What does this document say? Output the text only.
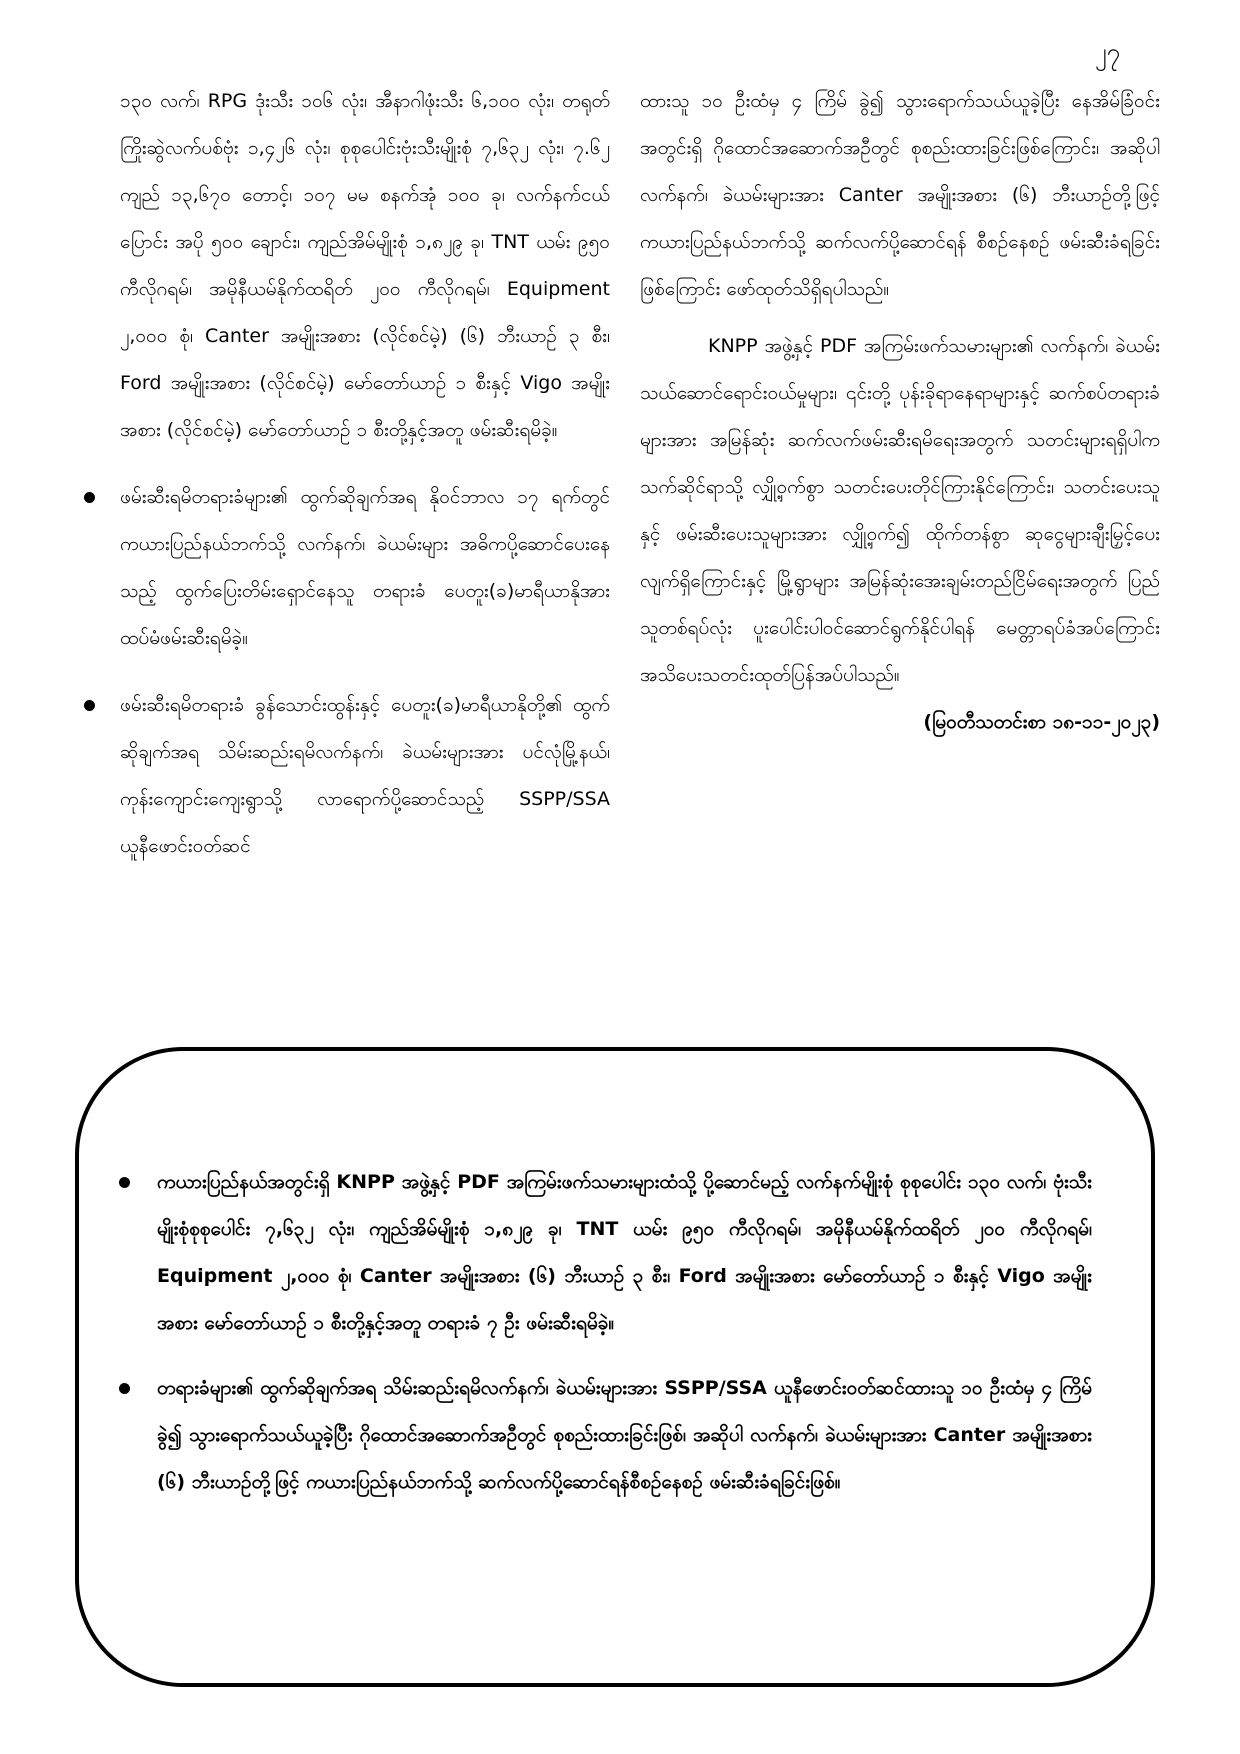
၂၇

၁၃၀ လက်၊ RPG ဒုံးသီး ၁၀၆ လုံး၊ အီနာဂါဖုံးသီး ၆,၁၀၀ လုံး၊ တရုတ်ကြိုးဆွဲလက်ပစ်ဗုံး ၁,၄၂၆ လုံး၊ စုစုပေါင်းဗုံးသီးမျိုးစုံ ၇,၆၃၂ လုံး၊ ၇.၆၂ ကျည် ၁၃,၆၇၀ တောင့်၊ ၁၀၇ မမ စနက်အုံ ၁၀၀ ခု၊ လက်နက်ငယ်ပြောင်း အပို ၅၀၀ ချောင်း၊ ကျည်အိမ်မျိုးစုံ ၁,၈၂၉ ခု၊ TNT ယမ်း ၉၅၀ ကီလိုဂရမ်၊ အမိုနီယမ်နိုက်ထရိတ် ၂၀၀ ကီလိုဂရမ်၊ Equipment ၂,၀၀၀ စုံ၊ Canter အမျိုးအစား (လိုင်စင်မဲ့) (၆) ဘီးယာဉ် ၃ စီး၊ Ford အမျိုးအစား (လိုင်စင်မဲ့) မော်တော်ယာဉ် ၁ စီးနှင့် Vigo အမျိုးအစား (လိုင်စင်မဲ့) မော်တော်ယာဉ် ၁ စီးတို့နှင့်အတူ ဖမ်းဆီးရမိခဲ့။

ဖမ်းဆီးရမိတရားခံများ၏ ထွက်ဆိုချက်အရ နိုဝင်ဘာလ ၁၇ ရက်တွင် ကယားပြည်နယ်ဘက်သို့ လက်နက်၊ ခဲယမ်းများ အဓိကပို့ဆောင်ပေးနေသည့် ထွက်ပြေးတိမ်းရှောင်နေသူ တရားခံ ပေတူး(ခ)မာရီယာနိုအား ထပ်မံဖမ်းဆီးရမိခဲ့။
ဖမ်းဆီးရမိတရားခံ ခွန်သောင်းထွန်းနှင့် ပေတူး(ခ)မာရီယာနိုတို့၏ ထွက်ဆိုချက်အရ သိမ်းဆည်းရမိလက်နက်၊ ခဲယမ်းများအား ပင်လုံမြို့နယ်၊ ကုန်းကျောင်းကျေးရွာသို့ လာရောက်ပို့ဆောင်သည့် SSPP/SSA ယူနီဖောင်းဝတ်ဆင်

ထားသူ ၁၀ ဦးထံမှ ၄ ကြိမ် ခွဲ၍ သွားရောက်သယ်ယူခဲ့ပြီး နေအိမ်ခြံဝင်းအတွင်းရှိ ဂိုထောင်အဆောက်အဦတွင် စုစည်းထားခြင်းဖြစ်ကြောင်း၊ အဆိုပါ လက်နက်၊ ခဲယမ်းများအား Canter အမျိုးအစား (၆) ဘီးယာဉ်တို့ဖြင့် ကယားပြည်နယ်ဘက်သို့ ဆက်လက်ပို့ဆောင်ရန် စီစဉ်နေစဉ် ဖမ်းဆီးခံရခြင်းဖြစ်ကြောင်း ဖော်ထုတ်သိရှိရပါသည်။

KNPP အဖွဲ့နှင့် PDF အကြမ်းဖက်သမားများ၏ လက်နက်၊ ခဲယမ်း သယ်ဆောင်ရောင်းဝယ်မှုများ၊ ၎င်းတို့ ပုန်းခိုရာနေရာများနှင့် ဆက်စပ်တရားခံများအား အမြန်ဆုံး ဆက်လက်ဖမ်းဆီးရမိရေးအတွက် သတင်းများရရှိပါက သက်ဆိုင်ရာသို့ လျှို့ဝှက်စွာ သတင်းပေးတိုင်ကြားနိုင်ကြောင်း၊ သတင်းပေးသူနှင့် ဖမ်းဆီးပေးသူများအား လျှို့ဝှက်၍ ထိုက်တန်စွာ ဆုငွေများချီးမြှင့်ပေးလျက်ရှိကြောင်းနှင့် မြို့ရွာများ အမြန်ဆုံးအေးချမ်းတည်ငြိမ်ရေးအတွက် ပြည်သူတစ်ရပ်လုံး ပူးပေါင်းပါဝင်ဆောင်ရွက်နိုင်ပါရန် မေတ္တာရပ်ခံအပ်ကြောင်း အသိပေးသတင်းထုတ်ပြန်အပ်ပါသည်။

(မြဝတီသတင်းစာ ၁၈-၁၁-၂၀၂၃)

ကယားပြည်နယ်အတွင်းရှိ KNPP အဖွဲ့နှင့် PDF အကြမ်းဖက်သမားများထံသို့ ပို့ဆောင်မည့် လက်နက်မျိုးစုံ စုစုပေါင်း ၁၃၀ လက်၊ ဗုံးသီးမျိုးစုံစုစုပေါင်း ၇,၆၃၂ လုံး၊ ကျည်အိမ်မျိုးစုံ ၁,၈၂၉ ခု၊ TNT ယမ်း ၉၅၀ ကီလိုဂရမ်၊ အမိုနီယမ်နိုက်ထရိတ် ၂၀၀ ကီလိုဂရမ်၊ Equipment ၂,၀၀၀ စုံ၊ Canter အမျိုးအစား (၆) ဘီးယာဉ် ၃ စီး၊ Ford အမျိုးအစား မော်တော်ယာဉ် ၁ စီးနှင့် Vigo အမျိုးအစား မော်တော်ယာဉ် ၁ စီးတို့နှင့်အတူ တရားခံ ၇ ဦး ဖမ်းဆီးရမိခဲ့။
တရားခံများ၏ ထွက်ဆိုချက်အရ သိမ်းဆည်းရမိလက်နက်၊ ခဲယမ်းများအား SSPP/SSA ယူနီဖောင်းဝတ်ဆင်ထားသူ ၁၀ ဦးထံမှ ၄ ကြိမ်ခွဲ၍ သွားရောက်သယ်ယူခဲ့ပြီး ဂိုထောင်အဆောက်အဦတွင် စုစည်းထားခြင်းဖြစ်၊ အဆိုပါ လက်နက်၊ ခဲယမ်းများအား Canter အမျိုးအစား (၆) ဘီးယာဉ်တို့ဖြင့် ကယားပြည်နယ်ဘက်သို့ ဆက်လက်ပို့ဆောင်ရန်စီစဉ်နေစဉ် ဖမ်းဆီးခံရခြင်းဖြစ်။
